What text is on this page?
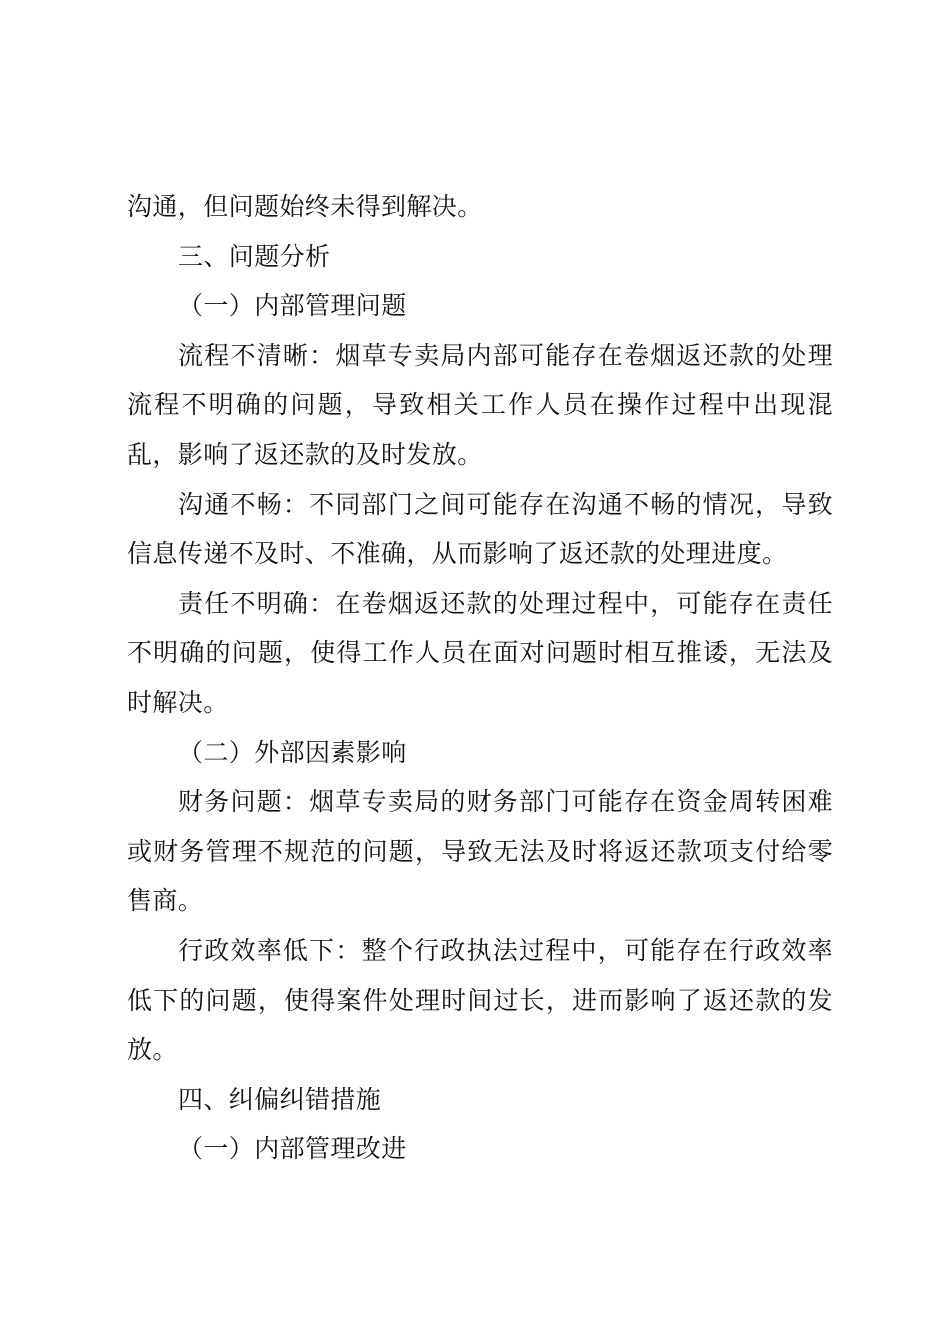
沟通，但问题始终未得到解决。

三、问题分析

（一）内部管理问题

流程不清晰：烟草专卖局内部可能存在卷烟返还款的处理流程不明确的问题，导致相关工作人员在操作过程中出现混乱，影响了返还款的及时发放。

沟通不畅：不同部门之间可能存在沟通不畅的情况，导致信息传递不及时、不准确，从而影响了返还款的处理进度。

责任不明确：在卷烟返还款的处理过程中，可能存在责任不明确的问题，使得工作人员在面对问题时相互推诿，无法及时解决。

（二）外部因素影响

财务问题：烟草专卖局的财务部门可能存在资金周转困难或财务管理不规范的问题，导致无法及时将返还款项支付给零售商。

行政效率低下：整个行政执法过程中，可能存在行政效率低下的问题，使得案件处理时间过长，进而影响了返还款的发放。

四、纠偏纠错措施

（一）内部管理改进
